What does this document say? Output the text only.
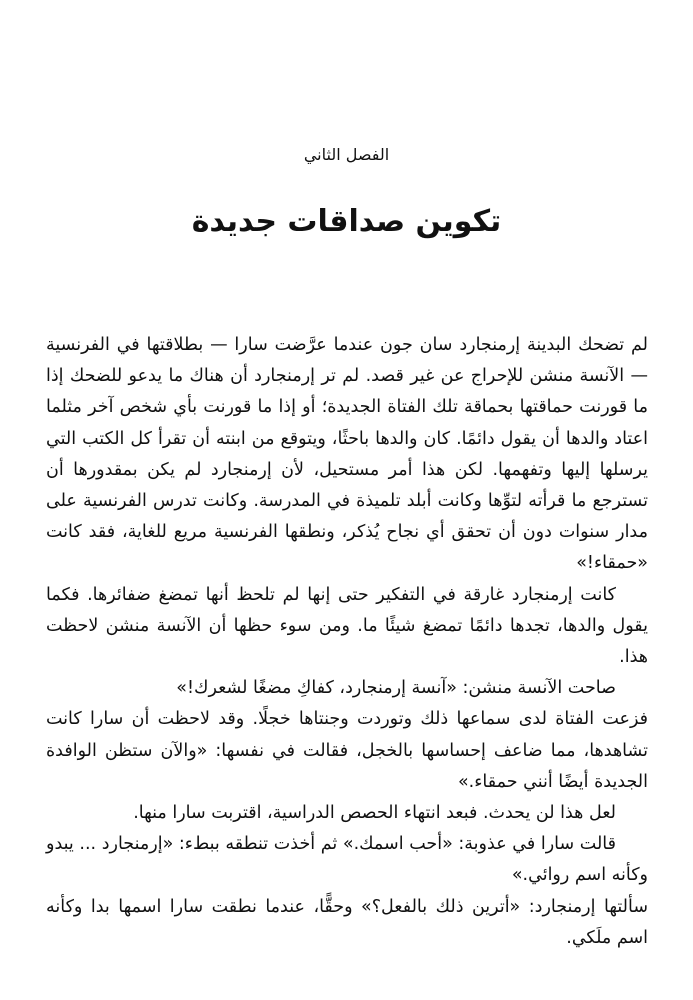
الفصل الثاني
تكوين صداقات جديدة

لم تضحك البدينة إرمنجارد سان جون عندما عرَّضت سارا — بطلاقتها في الفرنسية — الآنسة منشن للإحراج عن غير قصد. لم تر إرمنجارد أن هناك ما يدعو للضحك إذا ما قورنت حماقتها بحماقة تلك الفتاة الجديدة؛ أو إذا ما قورنت بأي شخص آخر مثلما اعتاد والدها أن يقول دائمًا. كان والدها باحثًا، ويتوقع من ابنته أن تقرأ كل الكتب التي يرسلها إليها وتفهمها. لكن هذا أمر مستحيل، لأن إرمنجارد لم يكن بمقدورها أن تسترجع ما قرأته لتوِّها وكانت أبلد تلميذة في المدرسة. وكانت تدرس الفرنسية على مدار سنوات دون أن تحقق أي نجاح يُذكر، ونطقها الفرنسية مريع للغاية، فقد كانت «حمقاء!»

كانت إرمنجارد غارقة في التفكير حتى إنها لم تلحظ أنها تمضغ ضفائرها. فكما يقول والدها، تجدها دائمًا تمضغ شيئًا ما. ومن سوء حظها أن الآنسة منشن لاحظت هذا.

صاحت الآنسة منشن: «آنسة إرمنجارد، كفاكِ مضغًا لشعرك!»

فزعت الفتاة لدى سماعها ذلك وتوردت وجنتاها خجلًا. وقد لاحظت أن سارا كانت تشاهدها، مما ضاعف إحساسها بالخجل، فقالت في نفسها: «والآن ستظن الوافدة الجديدة أيضًا أنني حمقاء.»

لعل هذا لن يحدث. فبعد انتهاء الحصص الدراسية، اقتربت سارا منها.

قالت سارا في عذوبة: «أحب اسمك.» ثم أخذت تنطقه ببطء: «إرمنجارد ... يبدو وكأنه اسم روائي.»

سألتها إرمنجارد: «أترين ذلك بالفعل؟» وحقًّا، عندما نطقت سارا اسمها بدا وكأنه اسم ملَكي.
